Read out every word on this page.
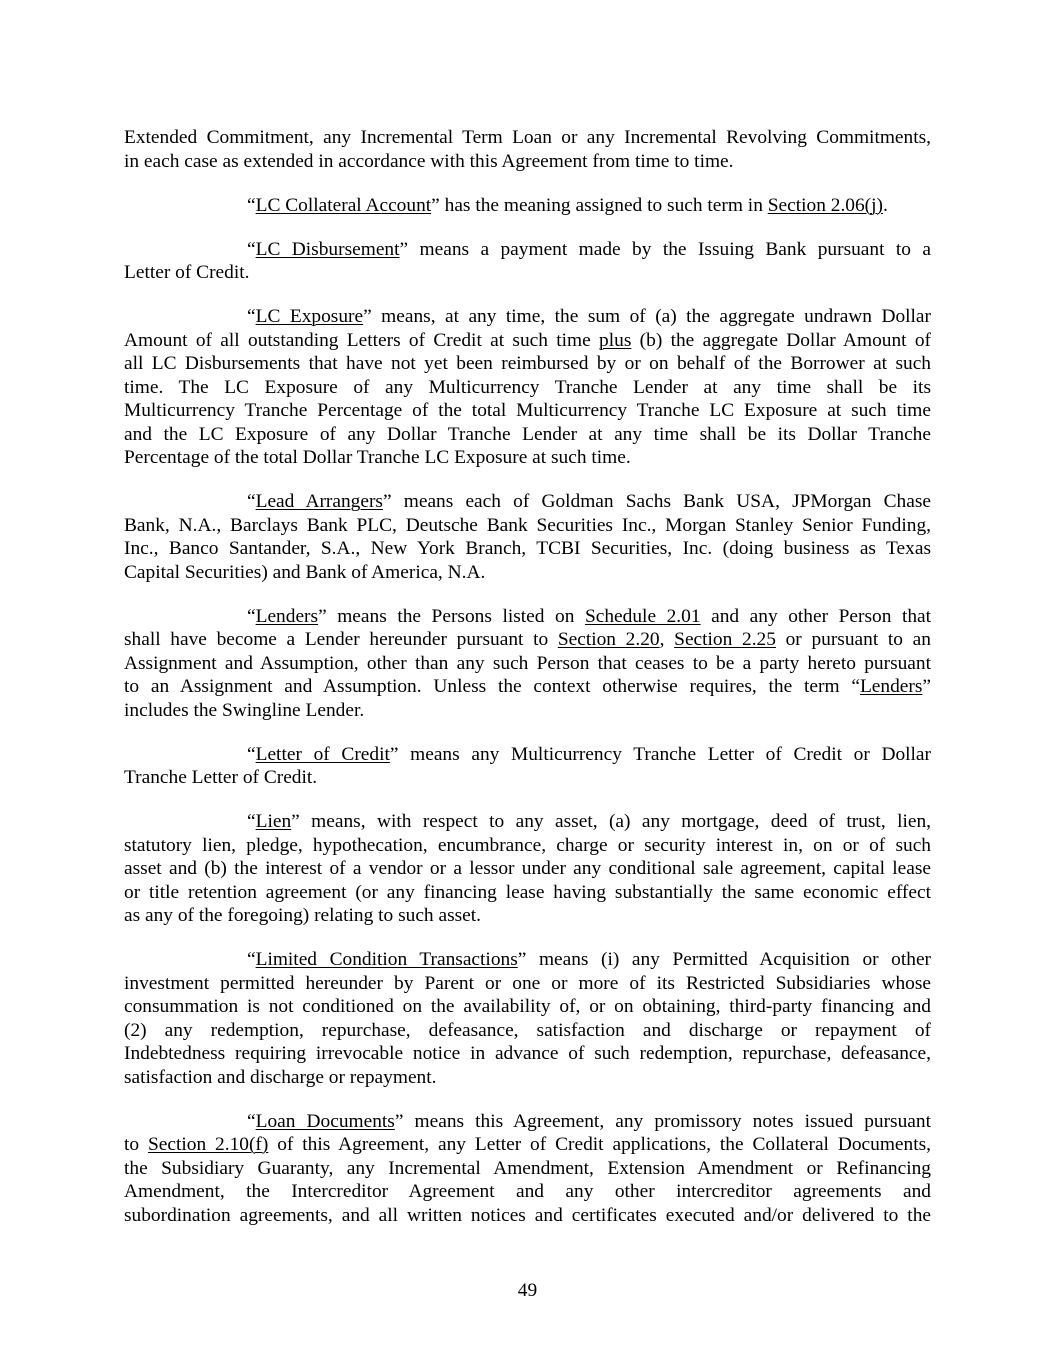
Extended Commitment, any Incremental Term Loan or any Incremental Revolving Commitments,
in each case as extended in accordance with this Agreement from time to time.
“LC Collateral Account” has the meaning assigned to such term in Section 2.06(j).
“LC Disbursement” means a payment made by the Issuing Bank pursuant to a
Letter of Credit.
“LC Exposure” means, at any time, the sum of (a) the aggregate undrawn Dollar
Amount of all outstanding Letters of Credit at such time plus (b) the aggregate Dollar Amount of
all LC Disbursements that have not yet been reimbursed by or on behalf of the Borrower at such
time. The LC Exposure of any Multicurrency Tranche Lender at any time shall be its
Multicurrency Tranche Percentage of the total Multicurrency Tranche LC Exposure at such time
and the LC Exposure of any Dollar Tranche Lender at any time shall be its Dollar Tranche
Percentage of the total Dollar Tranche LC Exposure at such time.
“Lead Arrangers” means each of Goldman Sachs Bank USA, JPMorgan Chase
Bank, N.A., Barclays Bank PLC, Deutsche Bank Securities Inc., Morgan Stanley Senior Funding,
Inc., Banco Santander, S.A., New York Branch, TCBI Securities, Inc. (doing business as Texas
Capital Securities) and Bank of America, N.A.
“Lenders” means the Persons listed on Schedule 2.01 and any other Person that
shall have become a Lender hereunder pursuant to Section 2.20, Section 2.25 or pursuant to an
Assignment and Assumption, other than any such Person that ceases to be a party hereto pursuant
to an Assignment and Assumption. Unless the context otherwise requires, the term “Lenders”
includes the Swingline Lender.
“Letter of Credit” means any Multicurrency Tranche Letter of Credit or Dollar
Tranche Letter of Credit.
“Lien” means, with respect to any asset, (a) any mortgage, deed of trust, lien,
statutory lien, pledge, hypothecation, encumbrance, charge or security interest in, on or of such
asset and (b) the interest of a vendor or a lessor under any conditional sale agreement, capital lease
or title retention agreement (or any financing lease having substantially the same economic effect
as any of the foregoing) relating to such asset.
“Limited Condition Transactions” means (i) any Permitted Acquisition or other
investment permitted hereunder by Parent or one or more of its Restricted Subsidiaries whose
consummation is not conditioned on the availability of, or on obtaining, third-party financing and
(2) any redemption, repurchase, defeasance, satisfaction and discharge or repayment of
Indebtedness requiring irrevocable notice in advance of such redemption, repurchase, defeasance,
satisfaction and discharge or repayment.
“Loan Documents” means this Agreement, any promissory notes issued pursuant
to Section 2.10(f) of this Agreement, any Letter of Credit applications, the Collateral Documents,
the Subsidiary Guaranty, any Incremental Amendment, Extension Amendment or Refinancing
Amendment, the Intercreditor Agreement and any other intercreditor agreements and
subordination agreements, and all written notices and certificates executed and/or delivered to the
49
